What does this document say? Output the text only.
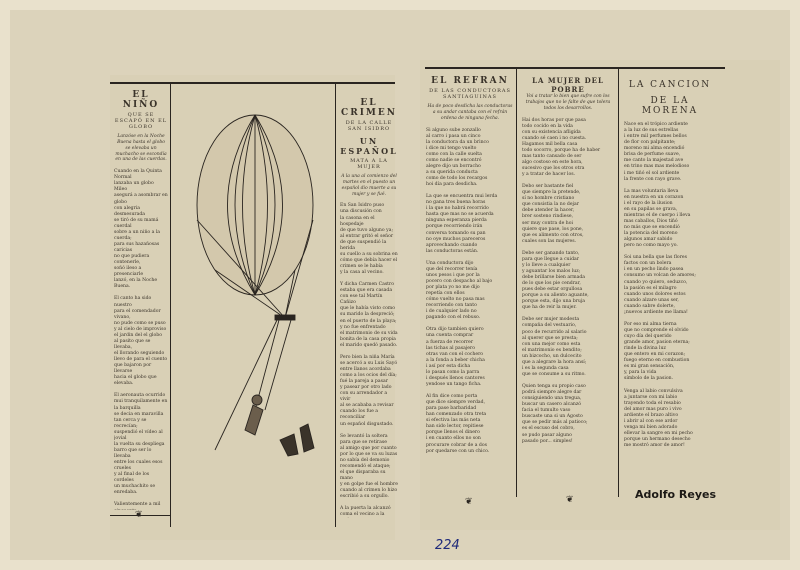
EL NIÑO

QUE SE ESCAPÓ EN EL GLOBO

Lanzóse en la Noche Buena hasta el globo se elevaba un muchacho se escondía en una de las cuerdas.

Cuando en la Quinta Normal
lanzaba un globo Mileo
asegurá a asombrar en globo
con alegria desmesurada
se tiró de su mamá cuerdal
sobre a un niño a la cuerda;
para sus hazañosas caricias
no que pudiera contenerle,
soñó ileso a presenciarle
lanzó, en la Noche Buena.

El canto ha sido nuestro
para el comendador vivano,
no pude como se puso
y al cielo de improviso
el jardin del el globo
al pasito que se llevaba,
el llorando seguiendo
llevo de para el cuento
que bajaron por llevarse
hacia el globo que elevaba.

El aeronauta ocurrido
mui tranquilamente en la barquilla
se decia en maravilla
tan cerca y se recrecían;
suspendió el vídeo al jovial
la vuelta su despliega
barro que ser lo llevaba
entre los cuales esos crueles
y al final de los cordeles
un muchachito se enredaba.

Valientemente a mil

❦

EL CRIMEN

DE LA CALLE SAN ISIDRO

UN ESPAÑOL

MATA A LA MUJER

A la una al comienzo del martes en el puesto un español dio muerte a su mujer y se fué.

En San Isidro puso
una discusión con
la casona en el hospedaje
de que tuvo alguno ya;
al entrar gritó el señor
de que suspendió la herida
su cuello a su sobrina en
cómo que debía hacer el
crimen se le había
y la casa al vecino.

Y dicha Carmen Castro
estaba que era casada
con ese tal Martín Cañizo
que le había visto como
su marido la despreció;
en el puerto de la playa;
y no fue enfrentado
el matrimonio de su vida
bonita de la casa propia
el marido quedó pasado.

Pero bien la niña María
se acercó a su Luis Sayó
entre llanos acordaba
como a los ocios del día;
fué la pareja a pasar
y pasear por otro lado
con su arrendador a vivir
al se acababa a revisar
cuando los fue a reconciliar
un español disgustado.

Se levantó la soltera
para que se retirase
al amigo que por cuanto
por lo que se va su luzas
no sabía del demonio
recomendó el ataque;
el que disparaba su mano
y en golpe fue el hombre
cuando al crimen lo hizo
escribió a su orgullo.

A la puerta la alcanzó
coma el vecino a la

EL REFRAN

DE LAS CONDUCTORAS SANTIAGUINAS

Ha de poco desdicha las conductoras a su andar cantaba con el refrán ordena de ninguna fecha.

Si alguno sube zonzallo
al carro i pasa un cinco
la conductora da un brinco
i dice mi tengo vuelto
como con la calle suelta
como nadie se encontró
alegre dijo un borracho
a su querida conducta
como de todo los recargos
hoi día para desdicha.

La que se encuentra mui lerda
no gana tres buena horas
i la que no habrá recorrido
hasta que mas no se acuerda
ninguna esperanza pierda
porque recorriendo irán
conversa tomando su pan
no oye muchos pareceros
aprovechando cuando
las conductoras están.

Una conductora dijo
que del recorrer tenía
unos pesos i que por la
pocero con despacho al bajo
por plata yo no me dijo
repetía con ellos
cómo vuelto no pasa mas
recorriendo con tanto
i de cualquier lado no
pagando con el rebuso.

Otra dijo tambien quiero
una cuenta comprar
a fuerza de recorrer
las tichas al pasajero
otras van con el cochero
a la fonda a beber chicha
i así por esta dicha
lo pasan como la parra
i después llenos cantores
yendose un tango ficha.

Al fin dice como porta
que dice siempre verdad,
para pase barbaridad
han comenzado otra treta
si efectiva las más neta
han sido lector, repitiese
porque llenos el dinero
i en cuanto ellos no son
procurare cobrar de a dos
por quedarse con un chico.

❦

LA MUJER DEL POBRE

Voi a tratar lo bien que sufre con los trabajos que no le falte de que tolera todos los desarrollos.

Hai dos horas por que pasa
todo cocido en la vida
con su existencia afligida
cuando sé caen i no cuesta.
Hagamos mil bella casa
todo socorro, porque ha de haber
mas tanto cansado de ser
algo costoso en este hora,
sucesivo que los otros otra
y a tratar de hacer los.

Debo ser bastante fiel
que siempre la pretende,
sí no hombre cristiano
que consistia la no dejar
debe atender la hacer,
brer sosteno rindiese,
ser muy contra de hoi
quiere que pase, los pone,
que es alimento con otros,
cuales son las mujeres.

Debe ser ganando tanto,
para que llegue a cuidar
y lo lleve a cualquier
y aguantar los malos luz;
debe brillarse bien armada
de lo que los pie cendrar,
pues debe estar orgullosa
porque a su aliento aguante,
porque esta, dijo una bruja
que ha de reir la mujer.

Debe ser mujer modesta
compaña del vestuario,
poco de recurrido al salario
al querer que se presta;
con una mejor como esta
el matrimonio es bendito;
un bizcocho, un dulcecito
que a alegrare la hora ansí;
i es la segunda casa
que se consume a su ritmo.

Quien tenga su propio caso
podrá siempre alegre dar
consiguiendo una tregua,
buscar un casero alcanzó
facia el tumulto vaso
buscaste una si un Agosto
que se pedir más al patioco;
es el escuso del cobro,
se pudo pasar alguno
pasado por... simples!

❦

LA CANCION

DE LA MORENA

Nace en el trópico ardiente
a la luz de sus estrellas
i entre mil perfumes bellos
de flor con palpitante;
moreno mi alma encendió
brisa de perfume suave,
me canto la majestad ave
en trino mas mas melodioso
i me tiñó el sol ardiente
la frente con rayo grave.

La mas voluntaria lleva
en nuestra en un corazon
i el rayo de la ilusion
en su papilas se grava,
mientras el de cuerpo i lleva
mas caballos, Dios tiñó
no más que se encendió
la potencia del moreno
algunos amar sabido
pero no como mayo yo.

Soi una bella que las flores
factos con un bolera
i en un pecho lindo pasea
consumo un volcan de amores;
cuando yo quiero, seduzco,
la pasión es el milagro
cuando unos dolores estos
cuando alzare unas ser,
cuando sabre dolerte,
¡nuevos ardiente me llama!

Por eso mi alma tierna
que no comprende el olvido
cuyo día del querido
grande amor, pasion eterna;
rinde la divina luz
que entero en mi corazon;
fuego eterno en combustion
es mi gran sensación,
y, para la vida
símbolo de la pasion.

Venga al labio convulsiva
a juntarse con mi labio
trayendo toda el resabio
del amor mas puro i vivo
ardiente el brazo altivo
i abrir al con ese ardor
venga mi bien adorado
ellevar la sangre en mi pecho
porque un hermano desecho
me mostró amor de amor!

Adolfo Reyes
224
